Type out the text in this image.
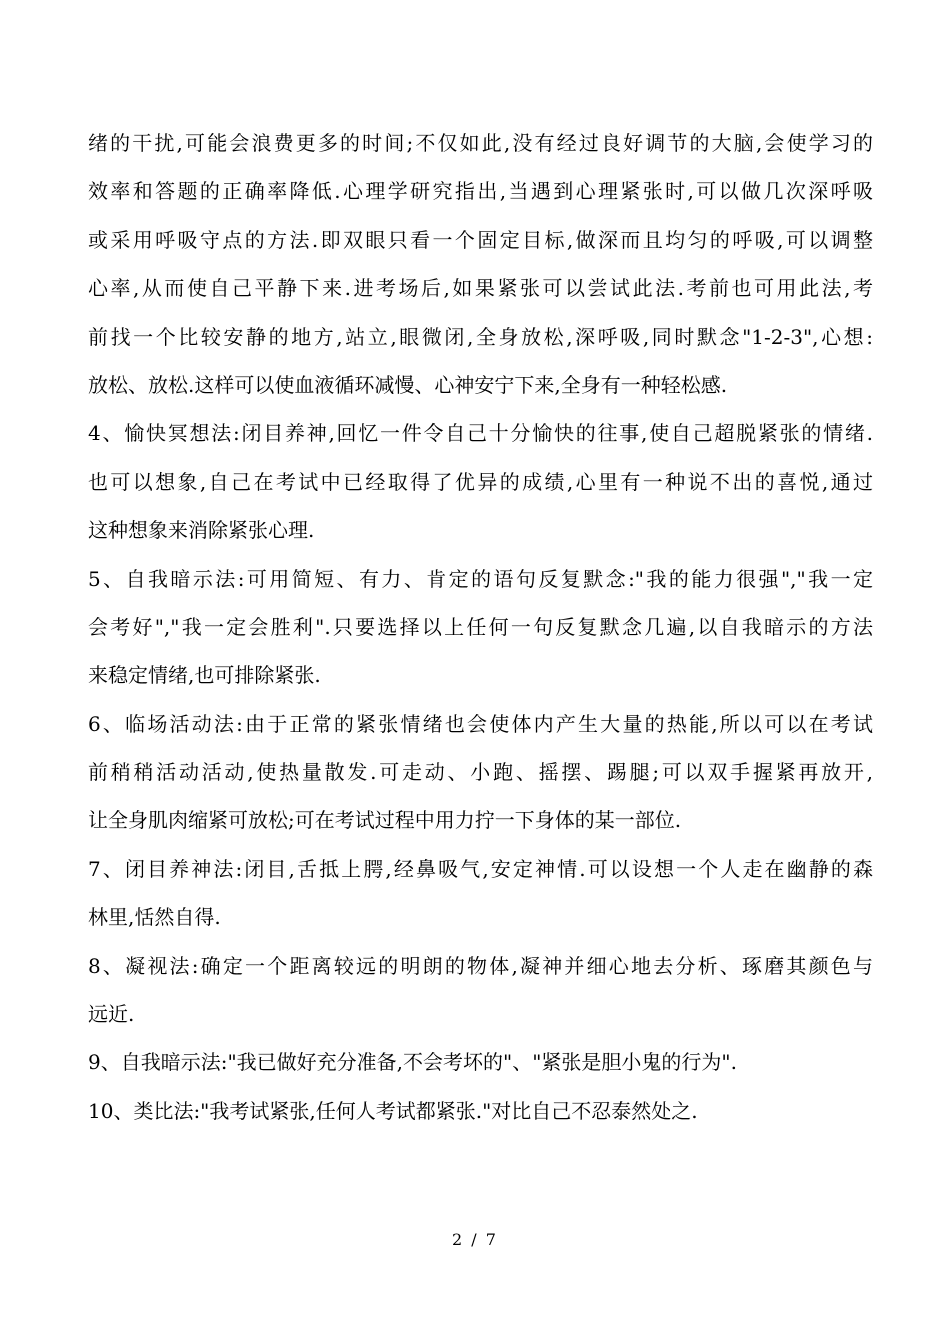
绪的干扰,可能会浪费更多的时间;不仅如此,没有经过良好调节的大脑,会使学习的
效率和答题的正确率降低.心理学研究指出,当遇到心理紧张时,可以做几次深呼吸
或采用呼吸守点的方法.即双眼只看一个固定目标,做深而且均匀的呼吸,可以调整
心率,从而使自己平静下来.进考场后,如果紧张可以尝试此法.考前也可用此法,考
前找一个比较安静的地方,站立,眼微闭,全身放松,深呼吸,同时默念"1-2-3",心想:
放松、放松.这样可以使血液循环减慢、心神安宁下来,全身有一种轻松感.
4、愉快冥想法:闭目养神,回忆一件令自己十分愉快的往事,使自己超脱紧张的情绪.
也可以想象,自己在考试中已经取得了优异的成绩,心里有一种说不出的喜悦,通过
这种想象来消除紧张心理.
5、自我暗示法:可用简短、有力、肯定的语句反复默念:"我的能力很强","我一定
会考好","我一定会胜利".只要选择以上任何一句反复默念几遍,以自我暗示的方法
来稳定情绪,也可排除紧张.
6、临场活动法:由于正常的紧张情绪也会使体内产生大量的热能,所以可以在考试
前稍稍活动活动,使热量散发.可走动、小跑、摇摆、踢腿;可以双手握紧再放开,
让全身肌肉缩紧可放松;可在考试过程中用力拧一下身体的某一部位.
7、闭目养神法:闭目,舌抵上腭,经鼻吸气,安定神情.可以设想一个人走在幽静的森
林里,恬然自得.
8、凝视法:确定一个距离较远的明朗的物体,凝神并细心地去分析、琢磨其颜色与
远近.
9、自我暗示法:"我已做好充分准备,不会考坏的"、"紧张是胆小鬼的行为".
10、类比法:"我考试紧张,任何人考试都紧张."对比自己不忍泰然处之.
2 / 7
